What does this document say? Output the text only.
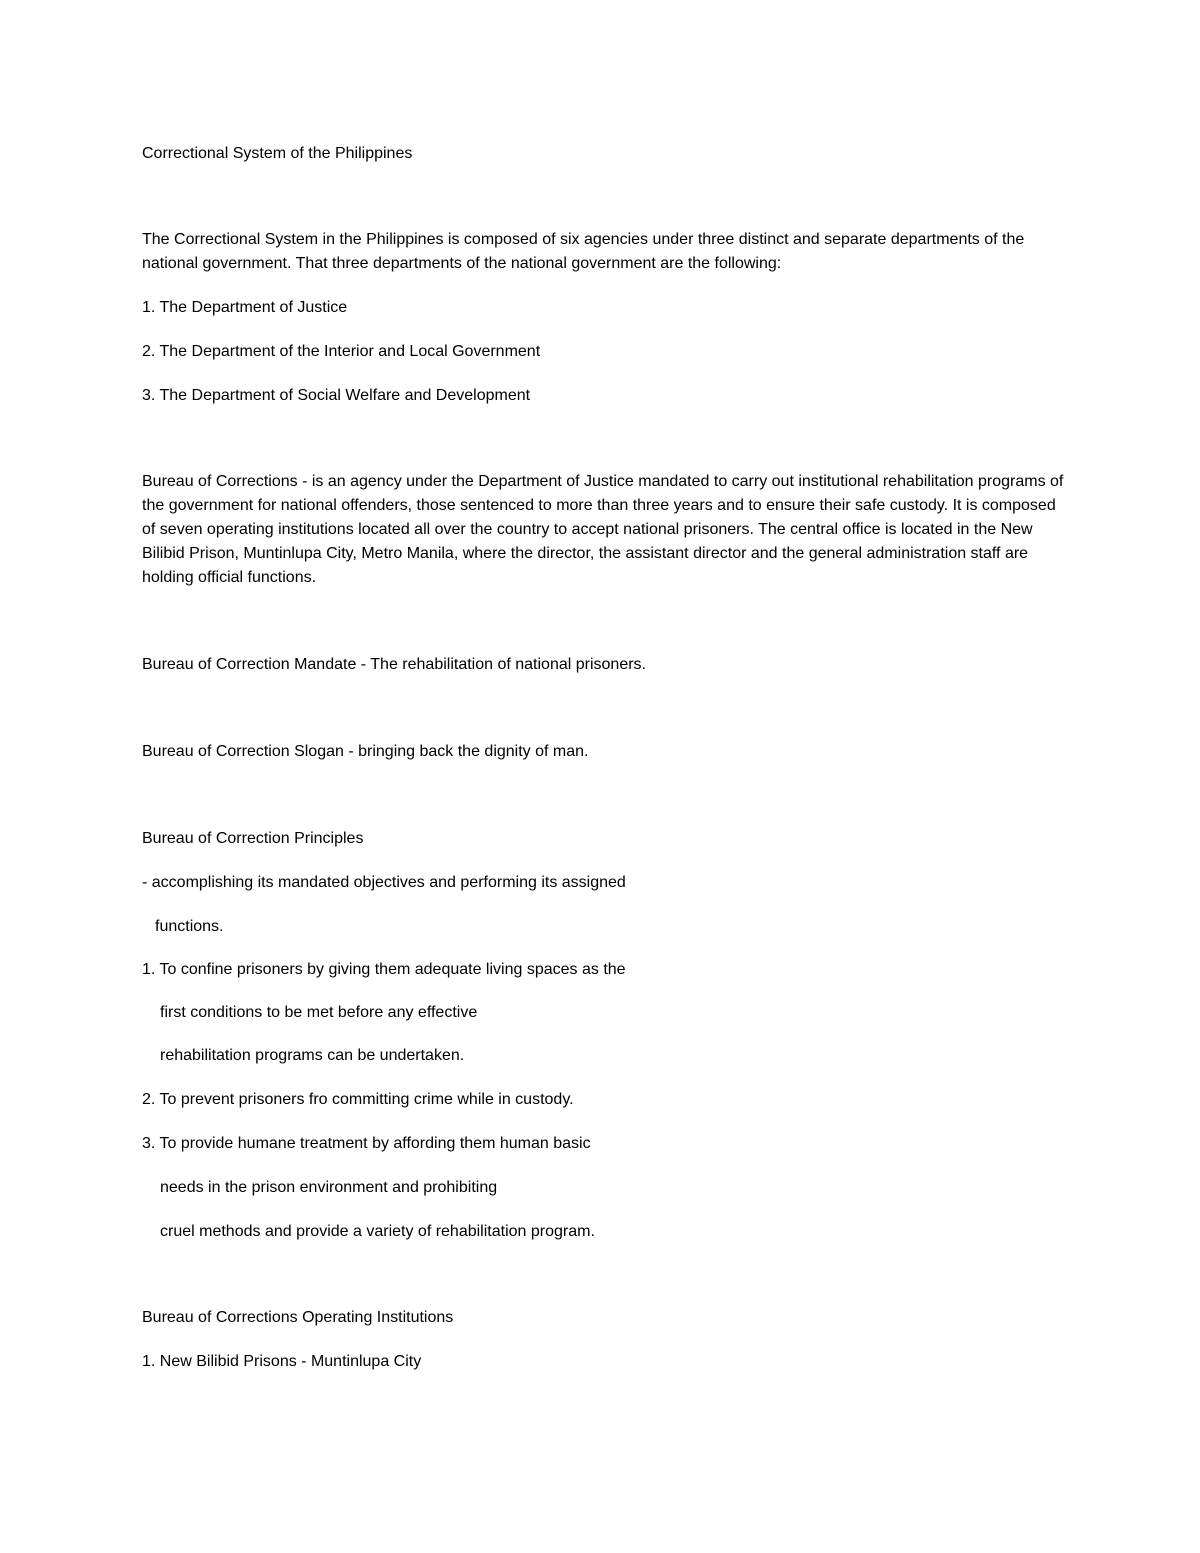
Correctional System of the Philippines

The Correctional System in the Philippines is composed of six agencies under three distinct and separate departments of the national government. That three departments of the national government are the following:

1. The Department of Justice
2. The Department of the Interior and Local Government
3. The Department of Social Welfare and Development

Bureau of Corrections - is an agency under the Department of Justice mandated to carry out institutional rehabilitation programs of the government for national offenders, those sentenced to more than three years and to ensure their safe custody. It is composed of seven operating institutions located all over the country to accept national prisoners. The central office is located in the New Bilibid Prison, Muntinlupa City, Metro Manila, where the director, the assistant director and the general administration staff are holding official functions.

Bureau of Correction Mandate - The rehabilitation of national prisoners.
Bureau of Correction Slogan - bringing back the dignity of man.
Bureau of Correction Principles
- accomplishing its mandated objectives and performing its assigned
functions.
1. To confine prisoners by giving them adequate living spaces as the
first conditions to be met before any effective
rehabilitation programs can be undertaken.
2. To prevent prisoners fro committing crime while in custody.
3. To provide humane treatment by affording them human basic
needs in the prison environment and prohibiting
cruel methods and provide a variety of rehabilitation program.
Bureau of Corrections Operating Institutions
1. New Bilibid Prisons - Muntinlupa City
